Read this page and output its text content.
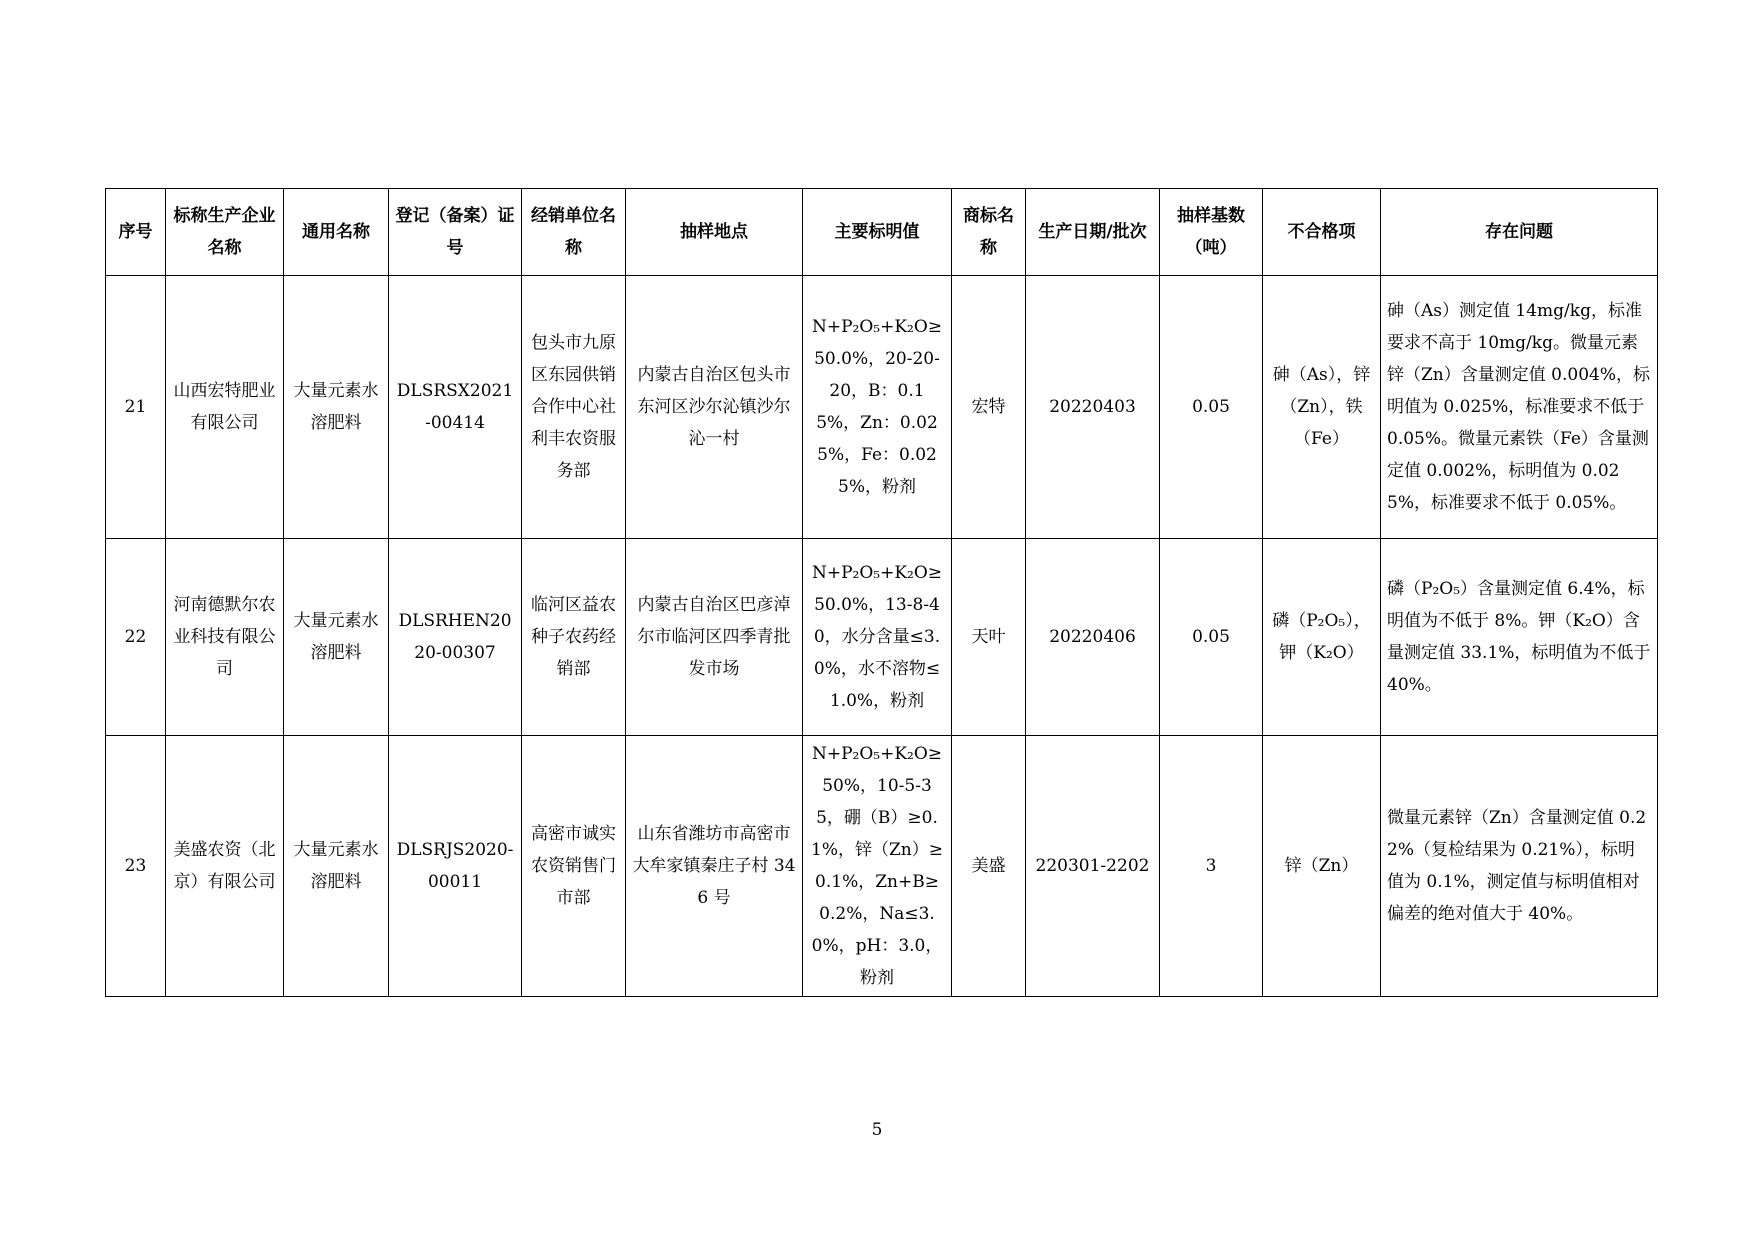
序号	标称生产企业名称	通用名称	登记（备案）证号	经销单位名称	抽样地点	主要标明值	商标名称	生产日期/批次	抽样基数（吨）	不合格项	存在问题
21	山西宏特肥业有限公司	大量元素水溶肥料	DLSRSX2021-00414	包头市九原区东园供销合作中心社利丰农资服务部	内蒙古自治区包头市东河区沙尔沁镇沙尔沁一村	N+P₂O₅+K₂O≥50.0%，20-20-20，B：0.15%，Zn：0.025%，Fe：0.025%，粉剂	宏特	20220403	0.05	砷（As），锌（Zn），铁（Fe）	砷（As）测定值 14mg/kg，标准要求不高于 10mg/kg。微量元素锌（Zn）含量测定值 0.004%，标明值为 0.025%，标准要求不低于 0.05%。微量元素铁（Fe）含量测定值 0.002%，标明值为 0.025%，标准要求不低于 0.05%。
22	河南德默尔农业科技有限公司	大量元素水溶肥料	DLSRHEN2020-00307	临河区益农种子农药经销部	内蒙古自治区巴彦淖尔市临河区四季青批发市场	N+P₂O₅+K₂O≥50.0%，13-8-40，水分含量≤3.0%，水不溶物≤1.0%，粉剂	天叶	20220406	0.05	磷（P₂O₅），钾（K₂O）	磷（P₂O₅）含量测定值 6.4%，标明值为不低于 8%。钾（K₂O）含量测定值 33.1%，标明值为不低于 40%。
23	美盛农资（北京）有限公司	大量元素水溶肥料	DLSRJS2020-00011	高密市诚实农资销售门市部	山东省潍坊市高密市大牟家镇秦庄子村 346 号	N+P₂O₅+K₂O≥50%，10-5-35，硼（B）≥0.1%，锌（Zn）≥0.1%，Zn+B≥0.2%，Na≤3.0%，pH：3.0，粉剂	美盛	220301-2202	3	锌（Zn）	微量元素锌（Zn）含量测定值 0.22%（复检结果为 0.21%），标明值为 0.1%，测定值与标明值相对偏差的绝对值大于 40%。
5
